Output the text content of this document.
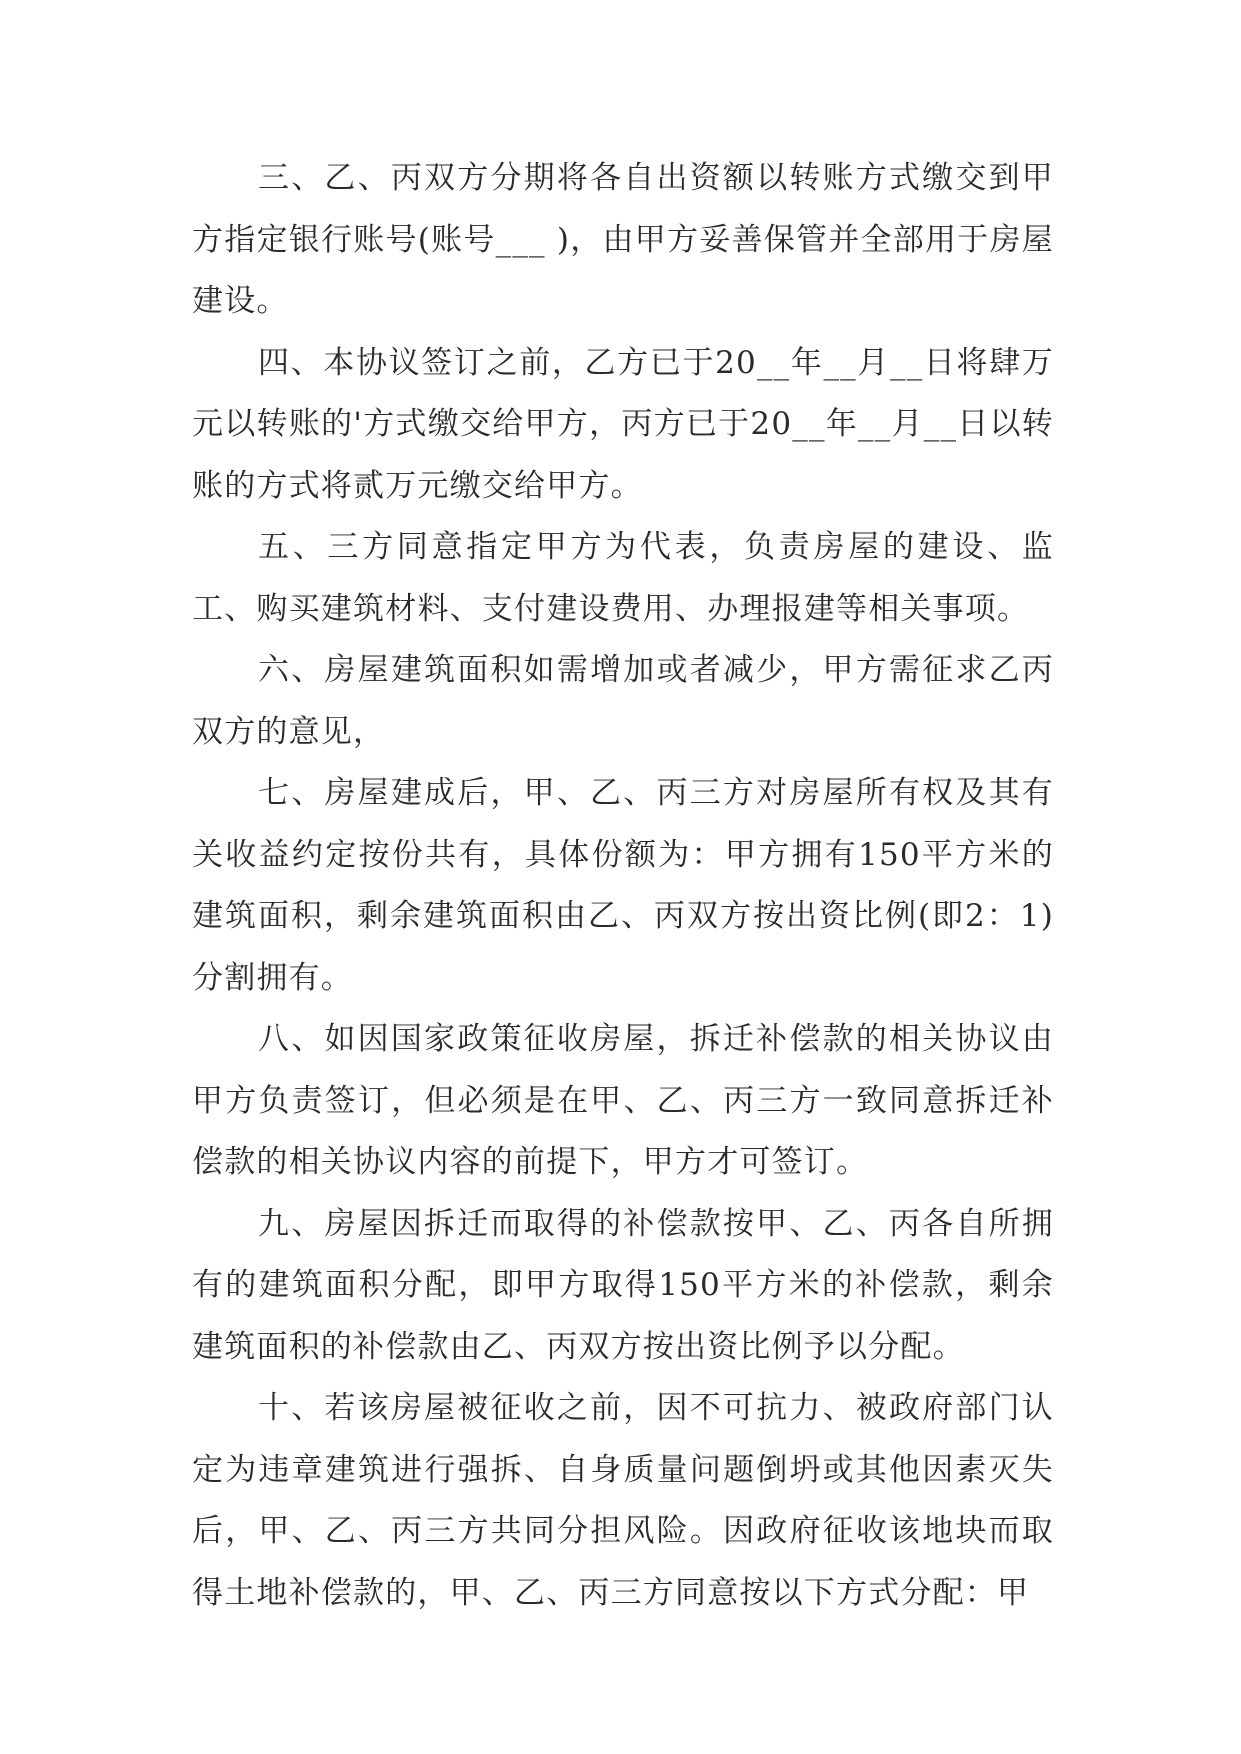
三、乙、丙双方分期将各自出资额以转账方式缴交到甲方指定银行账号(账号___ )，由甲方妥善保管并全部用于房屋建设。

四、本协议签订之前，乙方已于20__年__月__日将肆万元以转账的'方式缴交给甲方，丙方已于20__年__月__日以转账的方式将贰万元缴交给甲方。

五、三方同意指定甲方为代表，负责房屋的建设、监工、购买建筑材料、支付建设费用、办理报建等相关事项。

六、房屋建筑面积如需增加或者减少，甲方需征求乙丙双方的意见，

七、房屋建成后，甲、乙、丙三方对房屋所有权及其有关收益约定按份共有，具体份额为：甲方拥有150平方米的建筑面积，剩余建筑面积由乙、丙双方按出资比例(即2：1)分割拥有。

八、如因国家政策征收房屋，拆迁补偿款的相关协议由甲方负责签订，但必须是在甲、乙、丙三方一致同意拆迁补偿款的相关协议内容的前提下，甲方才可签订。

九、房屋因拆迁而取得的补偿款按甲、乙、丙各自所拥有的建筑面积分配，即甲方取得150平方米的补偿款，剩余建筑面积的补偿款由乙、丙双方按出资比例予以分配。

十、若该房屋被征收之前，因不可抗力、被政府部门认定为违章建筑进行强拆、自身质量问题倒坍或其他因素灭失后，甲、乙、丙三方共同分担风险。因政府征收该地块而取得土地补偿款的，甲、乙、丙三方同意按以下方式分配：甲
